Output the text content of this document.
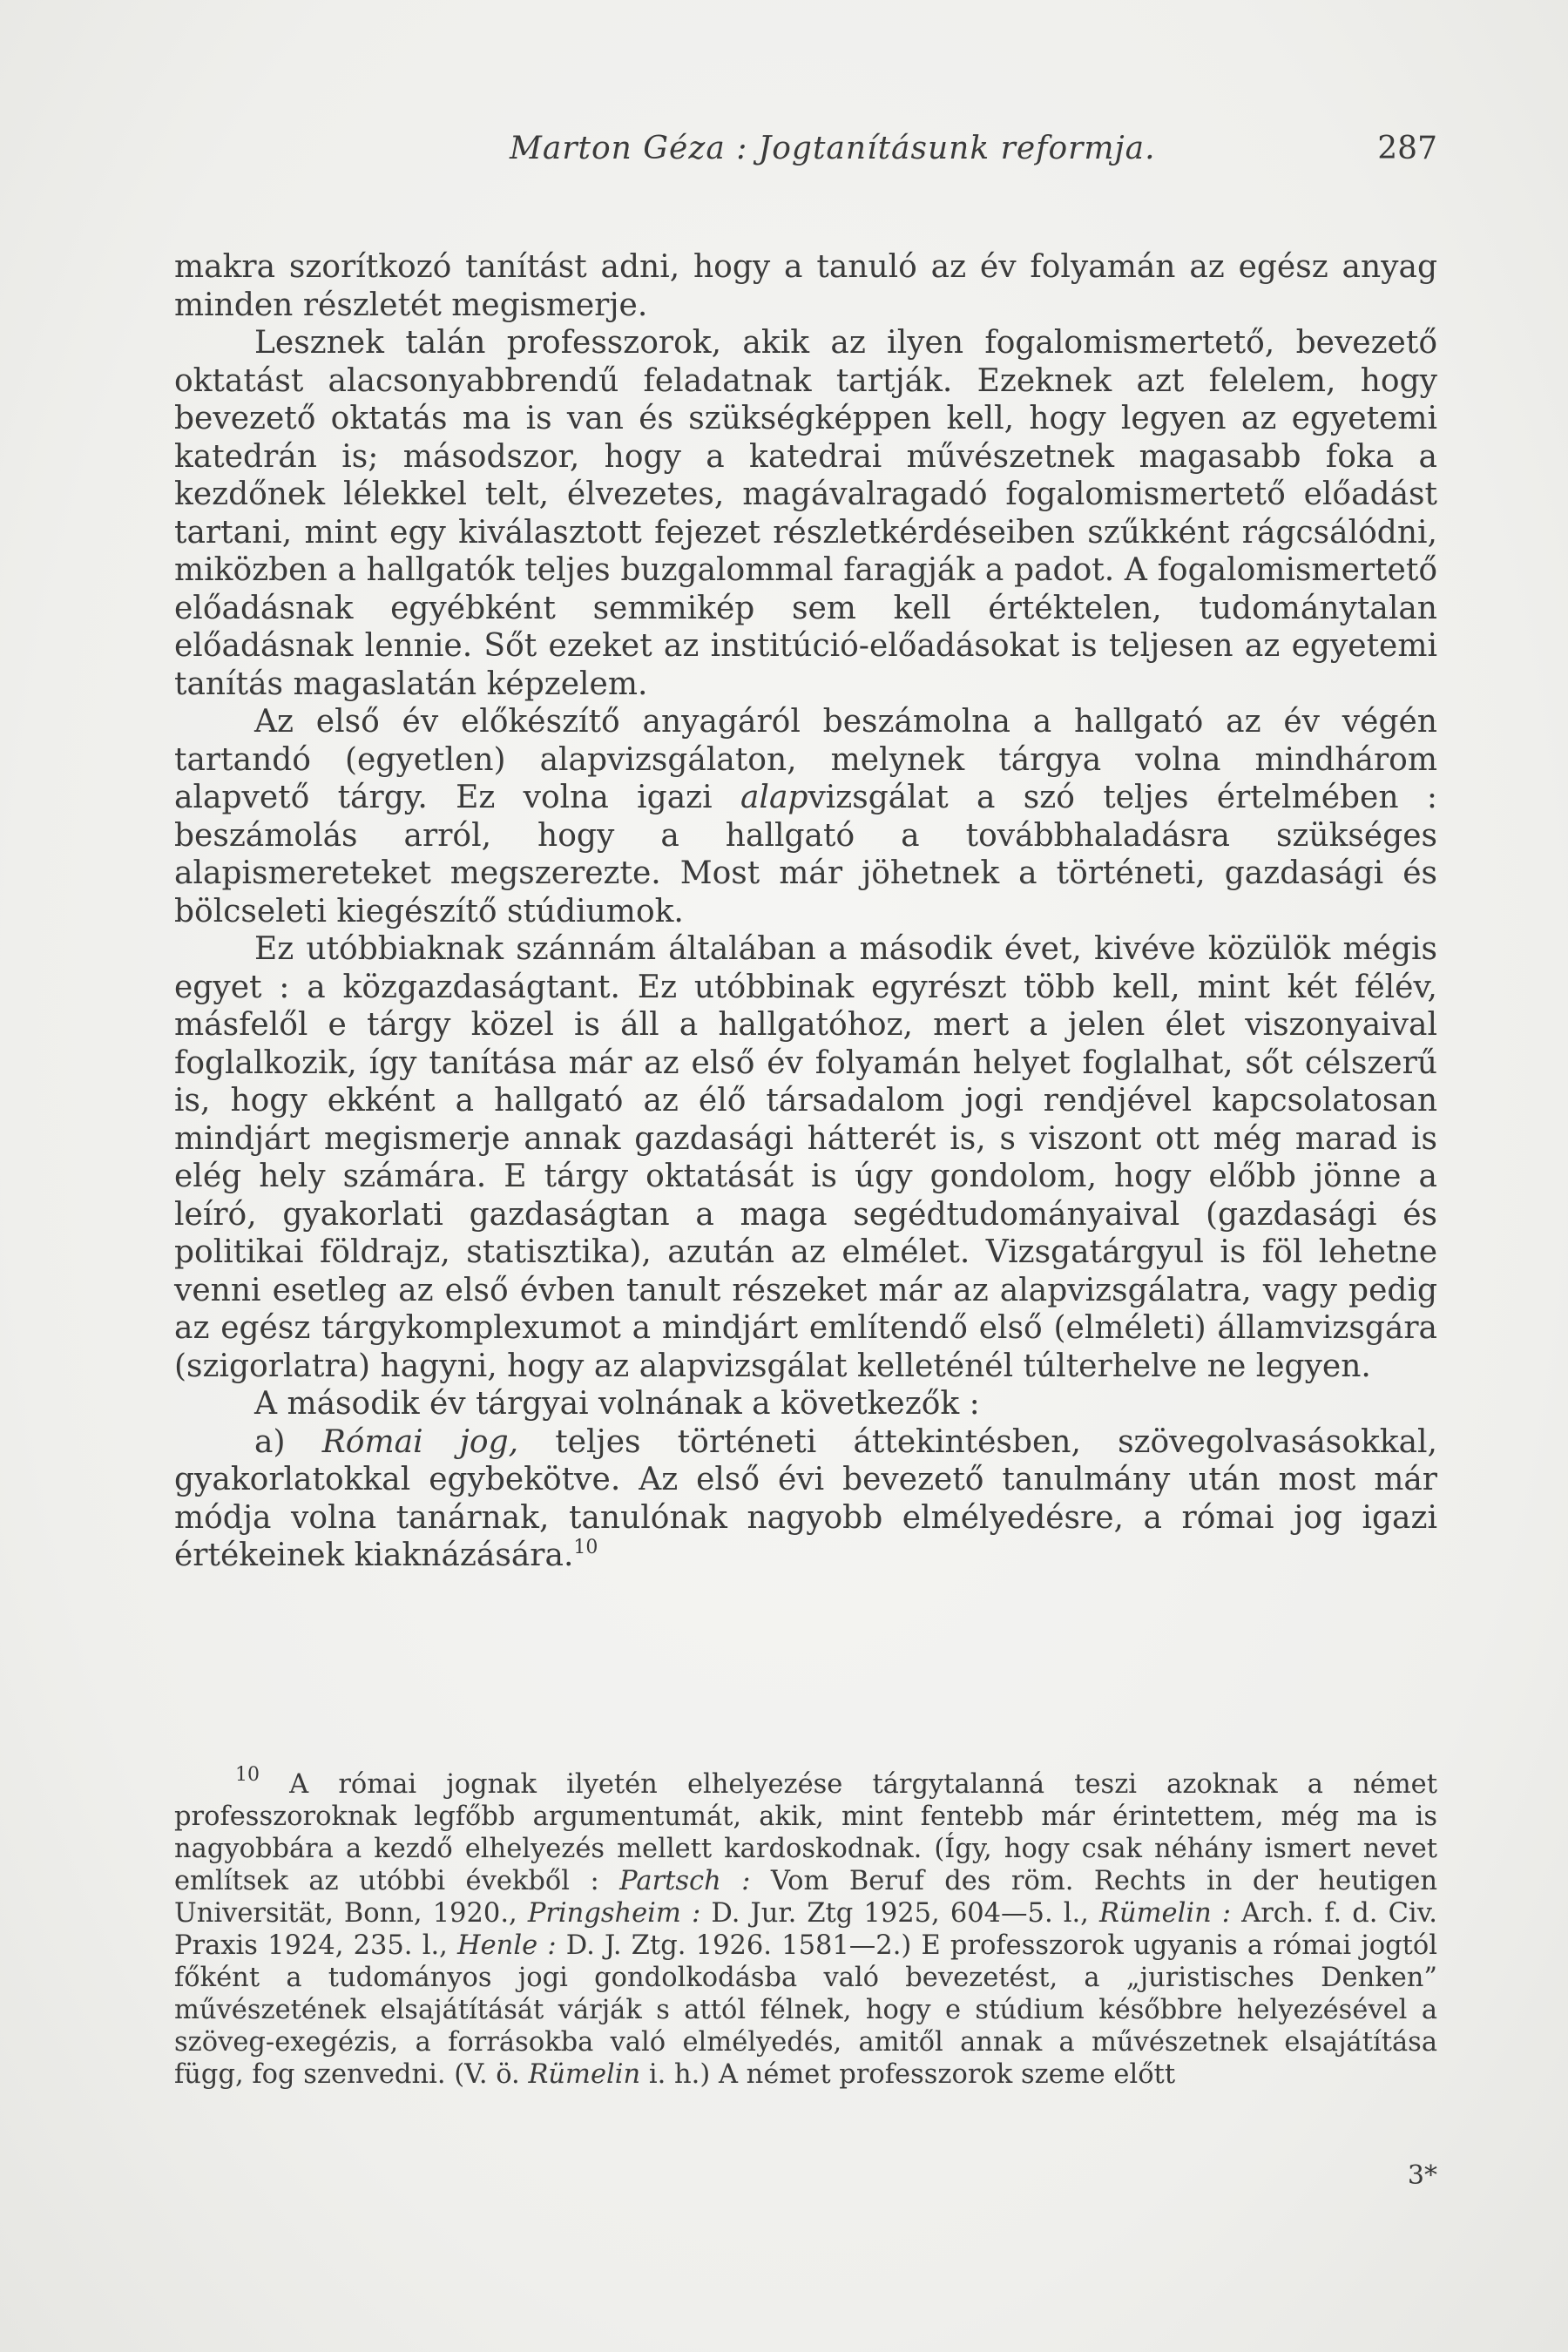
Marton Géza : Jogtanításunk reformja.	287

makra szorítkozó tanítást adni, hogy a tanuló az év folyamán az egész anyag minden részletét megismerje.

Lesznek talán professzorok, akik az ilyen fogalomismertető, bevezető oktatást alacsonyabbrendű feladatnak tartják. Ezeknek azt felelem, hogy bevezető oktatás ma is van és szükségképpen kell, hogy legyen az egyetemi katedrán is; másodszor, hogy a katedrai művészetnek magasabb foka a kezdőnek lélekkel telt, élvezetes, magávalragadó fogalomismertető előadást tartani, mint egy kiválasztott fejezet részletkérdéseiben szűkként rágcsálódni, miközben a hallgatók teljes buzgalommal faragják a padot. A fogalomismertető előadásnak egyébként semmikép sem kell értéktelen, tudománytalan előadásnak lennie. Sőt ezeket az institúció-előadásokat is teljesen az egyetemi tanítás magaslatán képzelem.

Az első év előkészítő anyagáról beszámolna a hallgató az év végén tartandó (egyetlen) alapvizsgálaton, melynek tárgya volna mindhárom alapvető tárgy. Ez volna igazi alapvizsgálat a szó teljes értelmében : beszámolás arról, hogy a hallgató a továbbhaladásra szükséges alapismereteket megszerezte. Most már jöhetnek a történeti, gazdasági és bölcseleti kiegészítő stúdiumok.

Ez utóbbiaknak szánnám általában a második évet, kivéve közülök mégis egyet : a közgazdaságtant. Ez utóbbinak egyrészt több kell, mint két félév, másfelől e tárgy közel is áll a hallgatóhoz, mert a jelen élet viszonyaival foglalkozik, így tanítása már az első év folyamán helyet foglalhat, sőt célszerű is, hogy ekként a hallgató az élő társadalom jogi rendjével kapcsolatosan mindjárt megismerje annak gazdasági hátterét is, s viszont ott még marad is elég hely számára. E tárgy oktatását is úgy gondolom, hogy előbb jönne a leíró, gyakorlati gazdaságtan a maga segédtudományaival (gazdasági és politikai földrajz, statisztika), azután az elmélet. Vizsgatárgyul is föl lehetne venni esetleg az első évben tanult részeket már az alapvizsgálatra, vagy pedig az egész tárgykomplexumot a mindjárt említendő első (elméleti) államvizsgára (szigorlatra) hagyni, hogy az alapvizsgálat kelleténél túlterhelve ne legyen.

A második év tárgyai volnának a következők :

a) Római jog, teljes történeti áttekintésben, szövegolvasásokkal, gyakorlatokkal egybekötve. Az első évi bevezető tanulmány után most már módja volna tanárnak, tanulónak nagyobb elmélyedésre, a római jog igazi értékeinek kiaknázására.$^{10}$

$^{10}$ A római jognak ilyetén elhelyezése tárgytalanná teszi azoknak a német professzoroknak legfőbb argumentumát, akik, mint fentebb már érintettem, még ma is nagyobbára a kezdő elhelyezés mellett kardoskodnak. (Így, hogy csak néhány ismert nevet említsek az utóbbi évekből : Partsch : Vom Beruf des röm. Rechts in der heutigen Universität, Bonn, 1920., Pringsheim : D. Jur. Ztg 1925, 604—5. l., Rümelin : Arch. f. d. Civ. Praxis 1924, 235. l., Henle : D. J. Ztg. 1926. 1581—2.) E professzorok ugyanis a római jogtól főként a tudományos jogi gondolkodásba való bevezetést, a „juristisches Denken” művészetének elsajátítását várják s attól félnek, hogy e stúdium későbbre helyezésével a szöveg-exegézis, a forrásokba való elmélyedés, amitől annak a művészetnek elsajátítása függ, fog szenvedni. (V. ö. Rümelin i. h.) A német professzorok szeme előtt

3*
